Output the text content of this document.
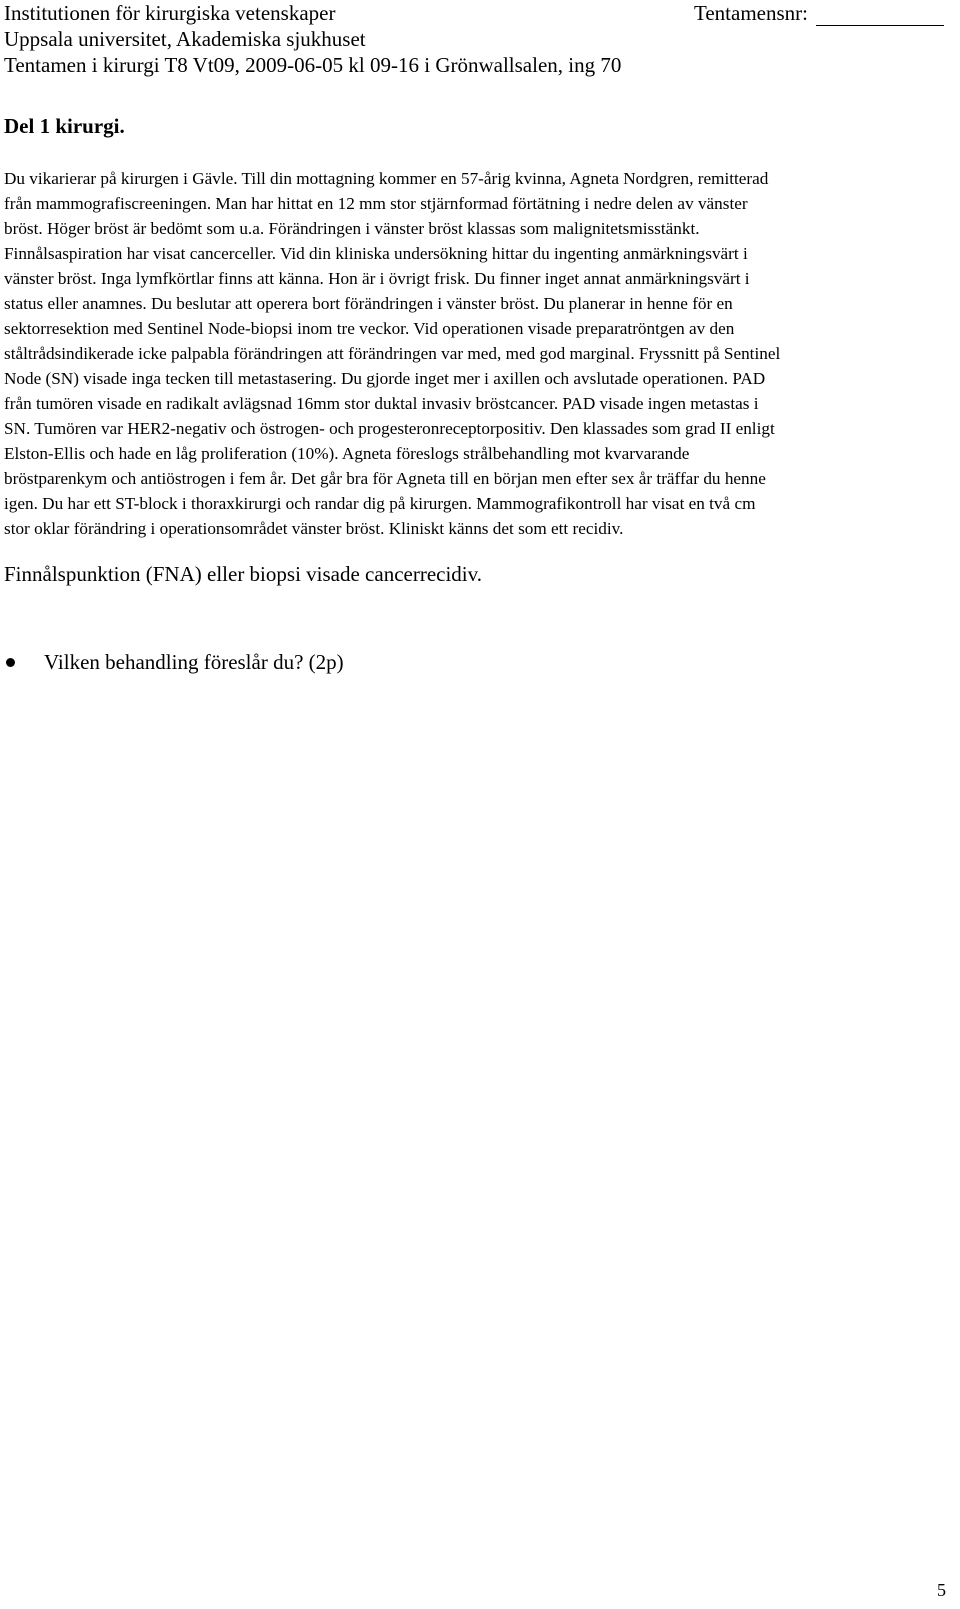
Institutionen för kirurgiska vetenskaper	Tentamensnr:
Uppsala universitet, Akademiska sjukhuset
Tentamen i kirurgi T8 Vt09, 2009-06-05 kl 09-16 i Grönwallsalen, ing 70
Del 1 kirurgi.

Du vikarierar på kirurgen i Gävle. Till din mottagning kommer en 57-årig kvinna, Agneta Nordgren, remitterad

från mammografiscreeningen. Man har hittat en 12 mm stor stjärnformad förtätning i nedre delen av vänster

bröst. Höger bröst är bedömt som u.a. Förändringen i vänster bröst klassas som malignitetsmisstänkt.

Finnålsaspiration har visat cancerceller. Vid din kliniska undersökning hittar du ingenting anmärkningsvärt i

vänster bröst. Inga lymfkörtlar finns att känna. Hon är i övrigt frisk. Du finner inget annat anmärkningsvärt i

status eller anamnes. Du beslutar att operera bort förändringen i vänster bröst. Du planerar in henne för en

sektorresektion med Sentinel Node-biopsi inom tre veckor. Vid operationen visade preparatröntgen av den

ståltrådsindikerade icke palpabla förändringen att förändringen var med, med god marginal. Fryssnitt på Sentinel

Node (SN) visade inga tecken till metastasering. Du gjorde inget mer i axillen och avslutade operationen. PAD

från tumören visade en radikalt avlägsnad 16mm stor duktal invasiv bröstcancer. PAD visade ingen metastas i

SN. Tumören var HER2-negativ och östrogen- och progesteronreceptorpositiv. Den klassades som grad II enligt

Elston-Ellis och hade en låg proliferation (10%). Agneta föreslogs strålbehandling mot kvarvarande

bröstparenkym och antiöstrogen i fem år. Det går bra för Agneta till en början men efter sex år träffar du henne

igen. Du har ett ST-block i thoraxkirurgi och randar dig på kirurgen. Mammografikontroll har visat en två cm

stor oklar förändring i operationsområdet vänster bröst. Kliniskt känns det som ett recidiv.

Finnålspunktion (FNA) eller biopsi visade cancerrecidiv.
Vilken behandling föreslår du? (2p)
5
